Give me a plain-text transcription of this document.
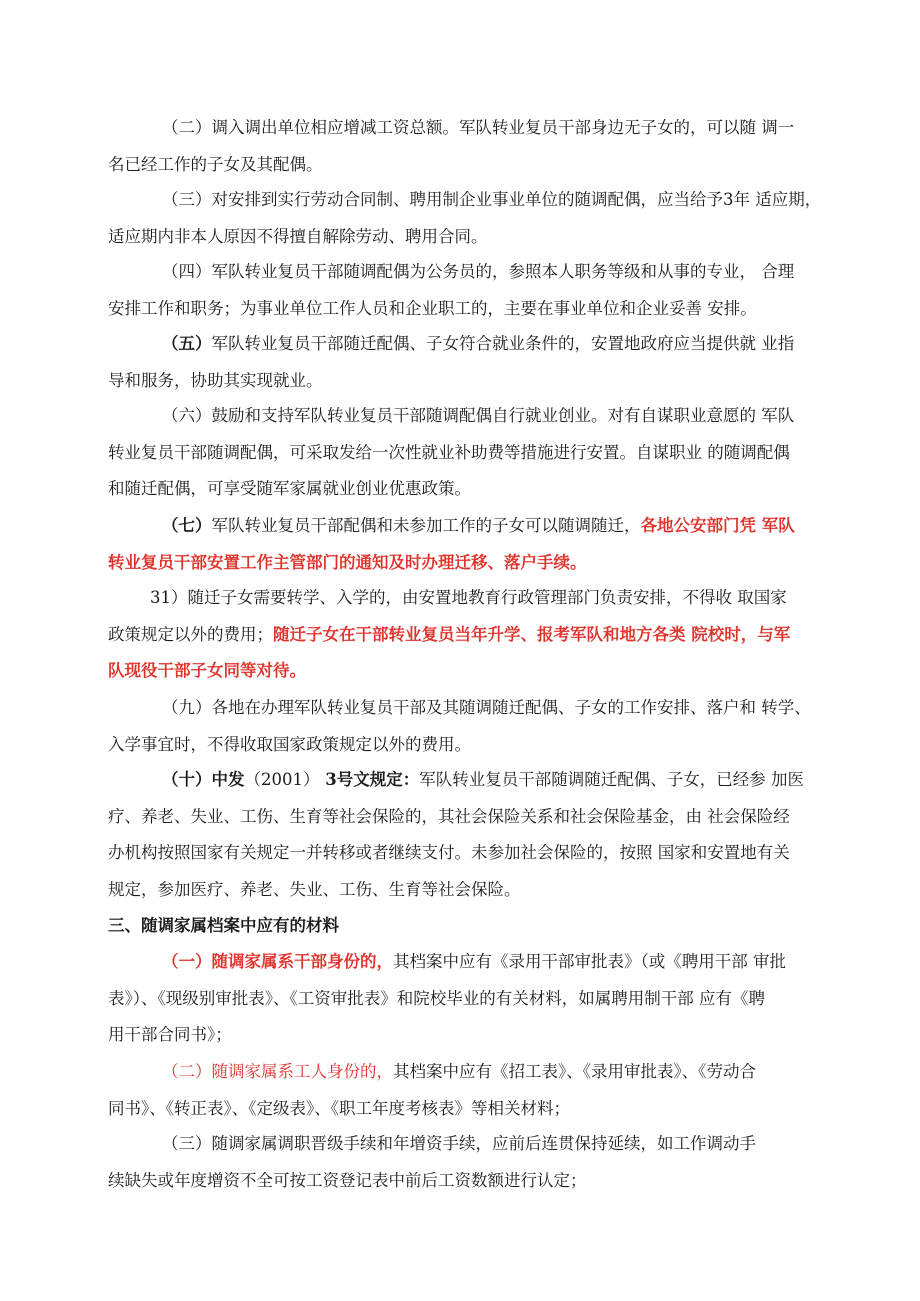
（二）调入调出单位相应增减工资总额。军队转业复员干部身边无子女的，可以随 调一
名已经工作的子女及其配偶。
（三）对安排到实行劳动合同制、聘用制企业事业单位的随调配偶，应当给予3年 适应期，
适应期内非本人原因不得擅自解除劳动、聘用合同。
（四）军队转业复员干部随调配偶为公务员的，参照本人职务等级和从事的专业， 合理
安排工作和职务；为事业单位工作人员和企业职工的，主要在事业单位和企业妥善 安排。
（五）军队转业复员干部随迁配偶、子女符合就业条件的，安置地政府应当提供就 业指
导和服务，协助其实现就业。
（六）鼓励和支持军队转业复员干部随调配偶自行就业创业。对有自谋职业意愿的 军队
转业复员干部随调配偶，可采取发给一次性就业补助费等措施进行安置。自谋职业 的随调配偶
和随迁配偶，可享受随军家属就业创业优惠政策。
（七）军队转业复员干部配偶和未参加工作的子女可以随调随迁，各地公安部门凭 军队
转业复员干部安置工作主管部门的通知及时办理迁移、落户手续。
31）随迁子女需要转学、入学的，由安置地教育行政管理部门负责安排，不得收 取国家
政策规定以外的费用；随迁子女在干部转业复员当年升学、报考军队和地方各类 院校时，与军
队现役干部子女同等对待。
（九）各地在办理军队转业复员干部及其随调随迁配偶、子女的工作安排、落户和 转学、
入学事宜时，不得收取国家政策规定以外的费用。
（十）中发（2001） 3号文规定：军队转业复员干部随调随迁配偶、子女，已经参 加医
疗、养老、失业、工伤、生育等社会保险的，其社会保险关系和社会保险基金，由 社会保险经
办机构按照国家有关规定一并转移或者继续支付。未参加社会保险的，按照 国家和安置地有关
规定，参加医疗、养老、失业、工伤、生育等社会保险。
三、随调家属档案中应有的材料
（一）随调家属系干部身份的，其档案中应有《录用干部审批表》（或《聘用干部 审批
表》）、《现级别审批表》、《工资审批表》和院校毕业的有关材料，如属聘用制干部 应有《聘
用干部合同书》；
（二）随调家属系工人身份的，其档案中应有《招工表》、《录用审批表》、《劳动合
同书》、《转正表》、《定级表》、《职工年度考核表》等相关材料；
（三）随调家属调职晋级手续和年增资手续，应前后连贯保持延续，如工作调动手
续缺失或年度增资不全可按工资登记表中前后工资数额进行认定；
